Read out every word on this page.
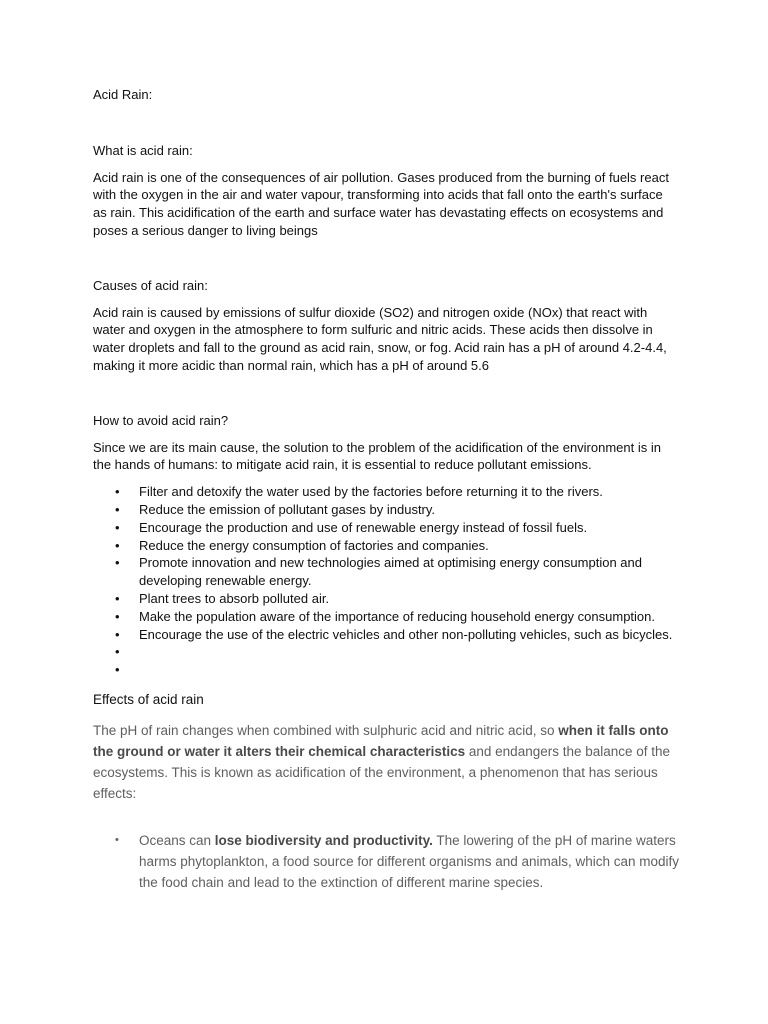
Acid Rain:

What is acid rain:

Acid rain is one of the consequences of air pollution. Gases produced from the burning of fuels react with the oxygen in the air and water vapour, transforming into acids that fall onto the earth's surface as rain. This acidification of the earth and surface water has devastating effects on ecosystems and poses a serious danger to living beings

Causes of acid rain:

Acid rain is caused by emissions of sulfur dioxide (SO2) and nitrogen oxide (NOx) that react with water and oxygen in the atmosphere to form sulfuric and nitric acids. These acids then dissolve in water droplets and fall to the ground as acid rain, snow, or fog. Acid rain has a pH of around 4.2-4.4, making it more acidic than normal rain, which has a pH of around 5.6

How to avoid acid rain?

Since we are its main cause, the solution to the problem of the acidification of the environment is in the hands of humans: to mitigate acid rain, it is essential to reduce pollutant emissions.

• Filter and detoxify the water used by the factories before returning it to the rivers.
• Reduce the emission of pollutant gases by industry.
• Encourage the production and use of renewable energy instead of fossil fuels.
• Reduce the energy consumption of factories and companies.
• Promote innovation and new technologies aimed at optimising energy consumption and developing renewable energy.
• Plant trees to absorb polluted air.
• Make the population aware of the importance of reducing household energy consumption.
• Encourage the use of the electric vehicles and other non-polluting vehicles, such as bicycles.
•
•

Effects of acid rain

The pH of rain changes when combined with sulphuric acid and nitric acid, so when it falls onto the ground or water it alters their chemical characteristics and endangers the balance of the ecosystems. This is known as acidification of the environment, a phenomenon that has serious effects:

• Oceans can lose biodiversity and productivity. The lowering of the pH of marine waters harms phytoplankton, a food source for different organisms and animals, which can modify the food chain and lead to the extinction of different marine species.
